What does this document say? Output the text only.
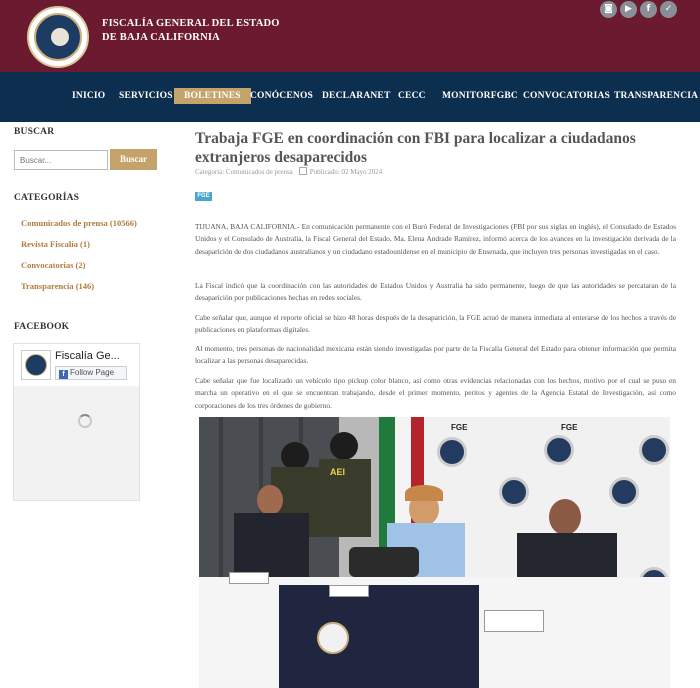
FISCALÍA GENERAL DEL ESTADO
DE BAJA CALIFORNIA
◙	▶	f	✓
INICIO SERVICIOS	BOLETINES CONÓCENOS DECLARANET CECC MONITORFGBC CONVOCATORIAS TRANSPARENCIA
BUSCAR
Buscar...
Buscar
CATEGORÍAS
Comunicados de prensa (10566)
Revista Fiscalía (1)
Convocatorias (2)
Transparencia (146)
FACEBOOK
Fiscalía Ge...
f Follow Page
Trabaja FGE en coordinación con FBI para localizar a ciudadanos extranjeros desaparecidos
Categoría: Comunicados de prensa Publicado: 02 Mayo 2024
FGE
TIJUANA, BAJA CALIFORNIA.- En comunicación permanente con el Buró Federal de Investigaciones (FBI por sus siglas en inglés), el Consulado de Estados Unidos y el Consulado de Australia, la Fiscal General del Estado, Ma. Elena Andrade Ramírez, informó acerca de los avances en la investigación derivada de la desaparición de dos ciudadanos australianos y un ciudadano estadounidense en el municipio de Ensenada, que incluyen tres personas investigadas en el caso.
La Fiscal indicó que la coordinación con las autoridades de Estados Unidos y Australia ha sido permanente, luego de que las autoridades se percataran de la desaparición por publicaciones hechas en redes sociales.
Cabe señalar que, aunque el reporte oficial se hizo 48 horas después de la desaparición, la FGE actuó de manera inmediata al enterarse de los hechos a través de publicaciones en plataformas digitales.
Al momento, tres personas de nacionalidad mexicana están siendo investigadas por parte de la Fiscalía General del Estado para obtener información que permita localizar a las personas desaparecidas.
Cabe señalar que fue localizado un vehículo tipo pickup color blanco, así como otras evidencias relacionadas con los hechos, motivo por el cual se puso en marcha un operativo en el que se encuentran trabajando, desde el primer momento, peritos y agentes de la Agencia Estatal de Investigación, así como corporaciones de los tres órdenes de gobierno.
FGE	FGE
AEI
